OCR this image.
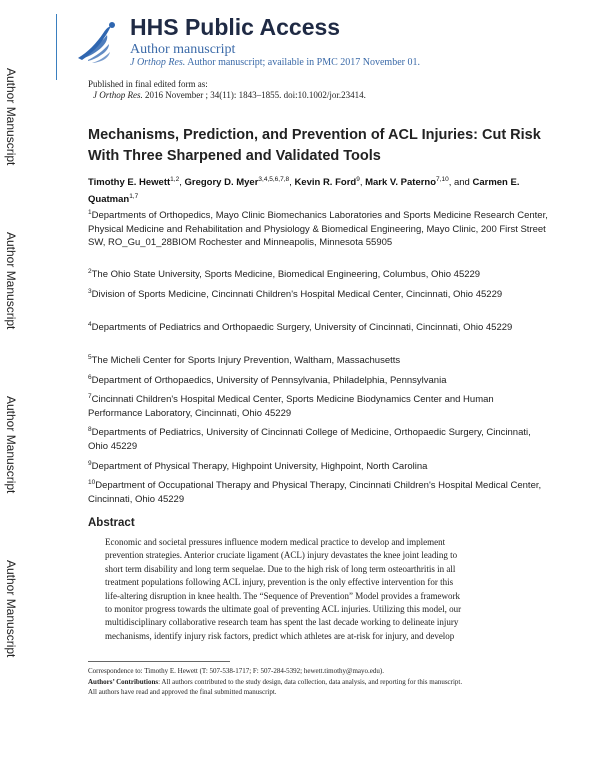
Author Manuscript
Author Manuscript
Author Manuscript
Author Manuscript
HHS Public Access
Author manuscript
J Orthop Res. Author manuscript; available in PMC 2017 November 01.
Published in final edited form as:
J Orthop Res. 2016 November ; 34(11): 1843–1855. doi:10.1002/jor.23414.
Mechanisms, Prediction, and Prevention of ACL Injuries: Cut Risk With Three Sharpened and Validated Tools
Timothy E. Hewett$^{1,2}$, Gregory D. Myer$^{3,4,5,6,7,8}$, Kevin R. Ford$^9$, Mark V. Paterno$^{7,10}$, and Carmen E. Quatman$^{1,7}$
$^1$Departments of Orthopedics, Mayo Clinic Biomechanics Laboratories and Sports Medicine Research Center, Physical Medicine and Rehabilitation and Physiology & Biomedical Engineering, Mayo Clinic, 200 First Street SW, RO_Gu_01_28BIOM Rochester and Minneapolis, Minnesota 55905
$^2$The Ohio State University, Sports Medicine, Biomedical Engineering, Columbus, Ohio 45229
$^3$Division of Sports Medicine, Cincinnati Children's Hospital Medical Center, Cincinnati, Ohio 45229
$^4$Departments of Pediatrics and Orthopaedic Surgery, University of Cincinnati, Cincinnati, Ohio 45229
$^5$The Micheli Center for Sports Injury Prevention, Waltham, Massachusetts
$^6$Department of Orthopaedics, University of Pennsylvania, Philadelphia, Pennsylvania
$^7$Cincinnati Children's Hospital Medical Center, Sports Medicine Biodynamics Center and Human Performance Laboratory, Cincinnati, Ohio 45229
$^8$Departments of Pediatrics, University of Cincinnati College of Medicine, Orthopaedic Surgery, Cincinnati, Ohio 45229
$^9$Department of Physical Therapy, Highpoint University, Highpoint, North Carolina
$^{10}$Department of Occupational Therapy and Physical Therapy, Cincinnati Children's Hospital Medical Center, Cincinnati, Ohio 45229
Abstract
Economic and societal pressures influence modern medical practice to develop and implement
prevention strategies. Anterior cruciate ligament (ACL) injury devastates the knee joint leading to
short term disability and long term sequelae. Due to the high risk of long term osteoarthritis in all
treatment populations following ACL injury, prevention is the only effective intervention for this
life-altering disruption in knee health. The “Sequence of Prevention” Model provides a framework
to monitor progress towards the ultimate goal of preventing ACL injuries. Utilizing this model, our
multidisciplinary collaborative research team has spent the last decade working to delineate injury
mechanisms, identify injury risk factors, predict which athletes are at-risk for injury, and develop
Correspondence to: Timothy E. Hewett (T: 507-538-1717; F: 507-284-5392; hewett.timothy@mayo.edu).
Authors’ Contributions: All authors contributed to the study design, data collection, data analysis, and reporting for this manuscript.
All authors have read and approved the final submitted manuscript.
